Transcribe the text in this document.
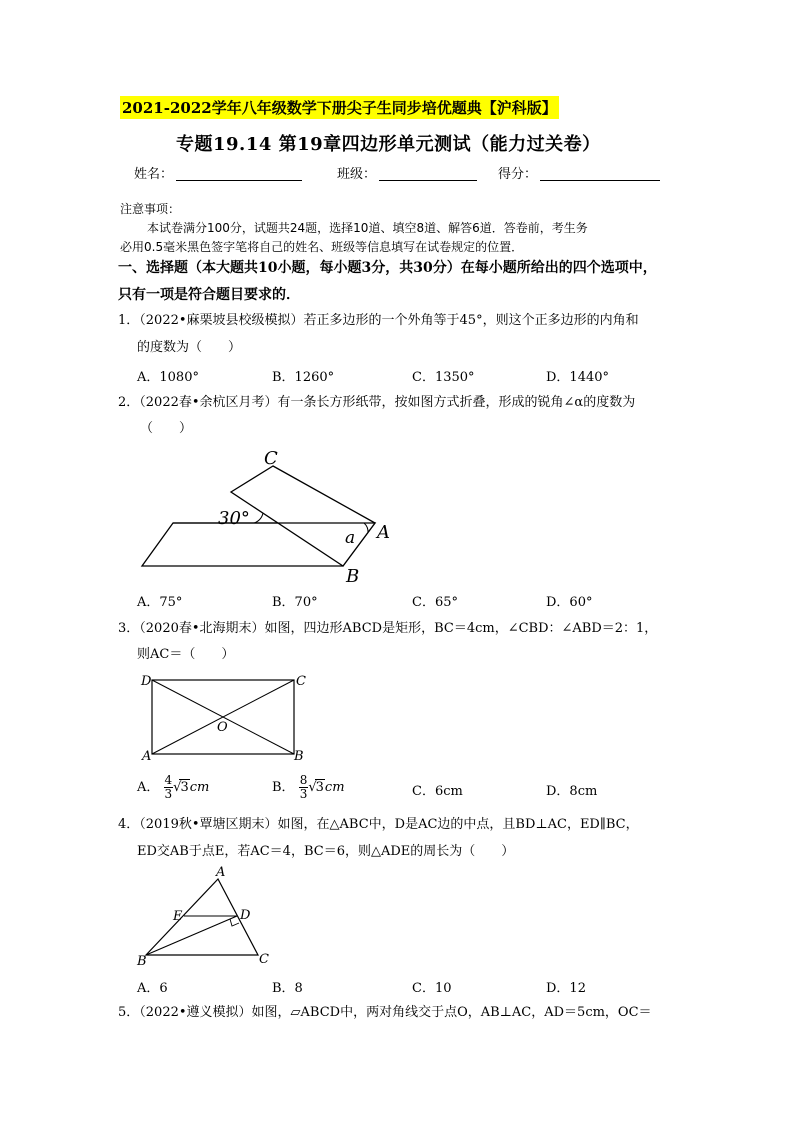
2021-2022学年八年级数学下册尖子生同步培优题典【沪科版】
专题19.14 第19章四边形单元测试（能力过关卷）
姓名：	班级：	得分：
注意事项：
本试卷满分100分，试题共24题，选择10道、填空8道、解答6道．答卷前，考生务
必用0.5毫米黑色签字笔将自己的姓名、班级等信息填写在试卷规定的位置．
一、选择题（本大题共10小题，每小题3分，共30分）在每小题所给出的四个选项中，
只有一项是符合题目要求的．
1．（2022•麻栗坡县校级模拟）若正多边形的一个外角等于45°，则这个正多边形的内角和
的度数为（　　）
A．1080°	B．1260°	C．1350°	D．1440°
2．（2022春•余杭区月考）有一条长方形纸带，按如图方式折叠，形成的锐角∠α的度数为
（　　）
30°
C
A
B
a
A．75°	B．70°	C．65°	D．60°
3．（2020春•北海期末）如图，四边形ABCD是矩形，BC＝4cm，∠CBD：∠ABD＝2：1，
则AC＝（　　）
D	C
A	B
O
A． $\frac{4}{3} √3cm$	B． $\frac{8}{3} √3cm$	C．6cm	D．8cm
4．（2019秋•覃塘区期末）如图，在△ABC中，D是AC边的中点，且BD⊥AC，ED∥BC，
ED交AB于点E，若AC＝4，BC＝6，则△ADE的周长为（　　）
A
E	D
B	C
A．6	B．8	C．10	D．12
5．（2022•遵义模拟）如图，▱ABCD中，两对角线交于点O，AB⊥AC，AD＝5cm，OC＝
